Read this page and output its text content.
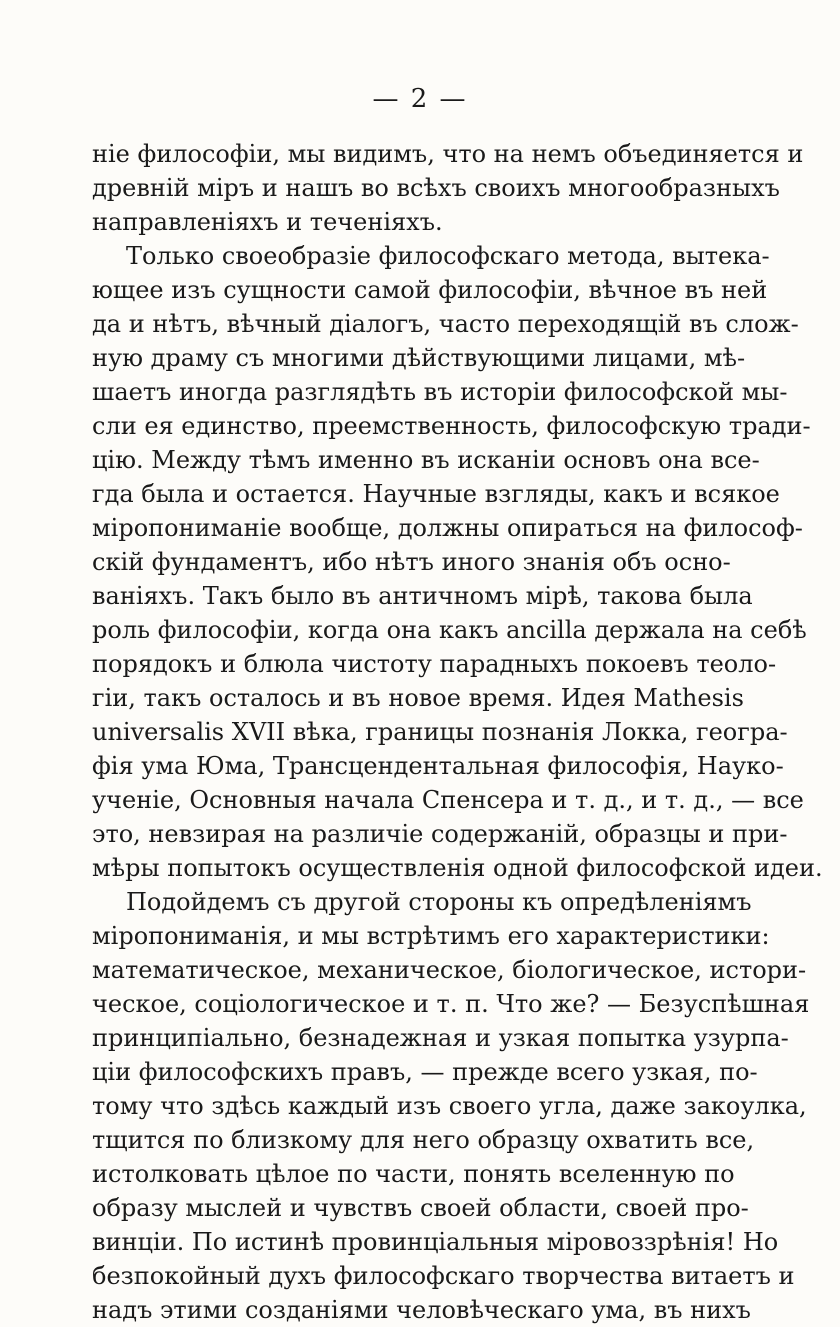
— 2 —
ніе философіи, мы видимъ, что на немъ объединяется и
древній міръ и нашъ во всѣхъ своихъ многообразныхъ
направленіяхъ и теченіяхъ.
Только своеобразіе философскаго метода, вытека-
ющее изъ сущности самой философіи, вѣчное въ ней
да и нѣтъ, вѣчный діалогъ, часто переходящій въ слож-
ную драму съ многими дѣйствующими лицами, мѣ-
шаетъ иногда разглядѣть въ исторіи философской мы-
сли ея единство, преемственность, философскую тради-
цію. Между тѣмъ именно въ исканіи основъ она все-
гда была и остается. Научные взгляды, какъ и всякое
міропониманіе вообще, должны опираться на философ-
скій фундаментъ, ибо нѣтъ иного знанія объ осно-
ваніяхъ. Такъ было въ античномъ мірѣ, такова была
роль философіи, когда она какъ ancilla держала на себѣ
порядокъ и блюла чистоту парадныхъ покоевъ теоло-
гіи, такъ осталось и въ новое время. Идея Mathesis
universalis XVII вѣка, границы познанія Локка, геогра-
фія ума Юма, Трансцендентальная философія, Науко-
ученіе, Основныя начала Спенсера и т. д., и т. д., — все
это, невзирая на различіе содержаній, образцы и при-
мѣры попытокъ осуществленія одной философской идеи.
Подойдемъ съ другой стороны къ опредѣленіямъ
міропониманія, и мы встрѣтимъ его характеристики:
математическое, механическое, біологическое, истори-
ческое, соціологическое и т. п. Что же? — Безуспѣшная
принципіально, безнадежная и узкая попытка узурпа-
ціи философскихъ правъ, — прежде всего узкая, по-
тому что здѣсь каждый изъ своего угла, даже закоулка,
тщится по близкому для него образцу охватить все,
истолковать цѣлое по части, понять вселенную по
образу мыслей и чувствъ своей области, своей про-
винціи. По истинѣ провинціальныя міровоззрѣнія! Но
безпокойный духъ философскаго творчества витаетъ и
надъ этими созданіями человѣческаго ума, въ нихъ
